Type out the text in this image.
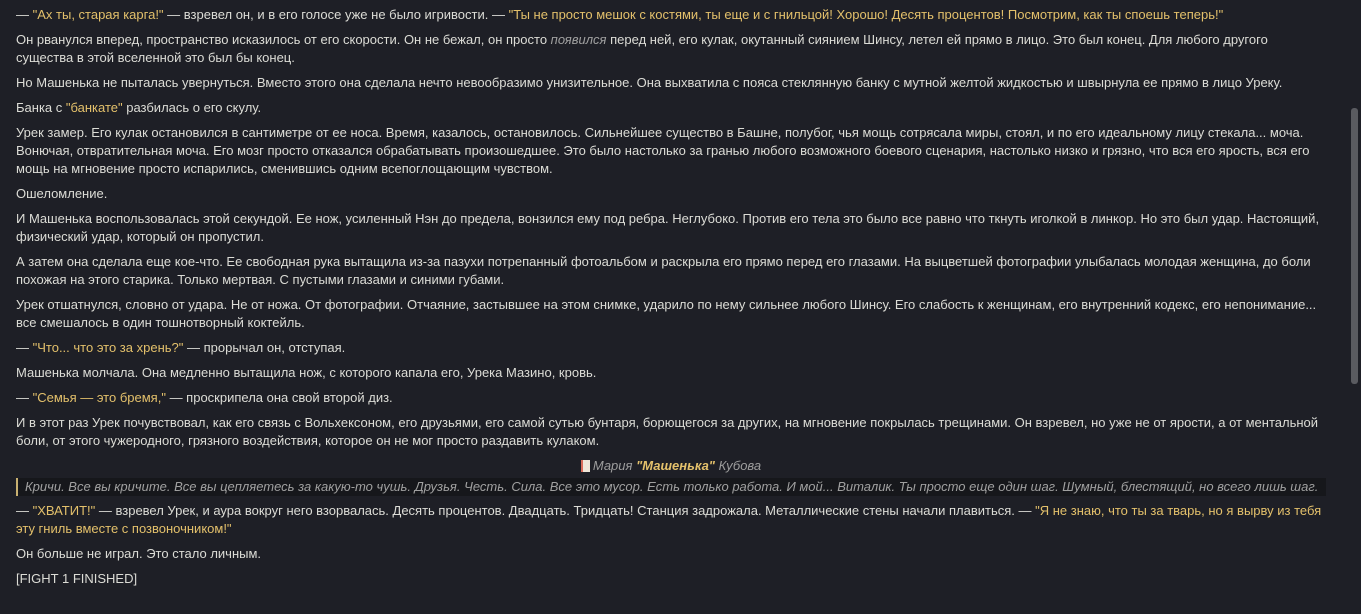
— "Ах ты, старая карга!" — взревел он, и в его голосе уже не было игривости. — "Ты не просто мешок с костями, ты еще и с гнильцой! Хорошо! Десять процентов! Посмотрим, как ты споешь теперь!"
Он рванулся вперед, пространство исказилось от его скорости. Он не бежал, он просто появился перед ней, его кулак, окутанный сиянием Шинсу, летел ей прямо в лицо. Это был конец. Для любого другого существа в этой вселенной это был бы конец.
Но Машенька не пыталась увернуться. Вместо этого она сделала нечто невообразимо унизительное. Она выхватила с пояса стеклянную банку с мутной желтой жидкостью и швырнула ее прямо в лицо Уреку.
Банка с "банкате" разбилась о его скулу.
Урек замер. Его кулак остановился в сантиметре от ее носа. Время, казалось, остановилось. Сильнейшее существо в Башне, полубог, чья мощь сотрясала миры, стоял, и по его идеальному лицу стекала... моча. Вонючая, отвратительная моча. Его мозг просто отказался обрабатывать произошедшее. Это было настолько за гранью любого возможного боевого сценария, настолько низко и грязно, что вся его ярость, вся его мощь на мгновение просто испарились, сменившись одним всепоглощающим чувством.
Ошеломление.
И Машенька воспользовалась этой секундой. Ее нож, усиленный Нэн до предела, вонзился ему под ребра. Неглубоко. Против его тела это было все равно что ткнуть иголкой в линкор. Но это был удар. Настоящий, физический удар, который он пропустил.
А затем она сделала еще кое-что. Ее свободная рука вытащила из-за пазухи потрепанный фотоальбом и раскрыла его прямо перед его глазами. На выцветшей фотографии улыбалась молодая женщина, до боли похожая на этого старика. Только мертвая. С пустыми глазами и синими губами.
Урек отшатнулся, словно от удара. Не от ножа. От фотографии. Отчаяние, застывшее на этом снимке, ударило по нему сильнее любого Шинсу. Его слабость к женщинам, его внутренний кодекс, его непонимание... все смешалось в один тошнотворный коктейль.
— "Что... что это за хрень?" — прорычал он, отступая.
Машенька молчала. Она медленно вытащила нож, с которого капала его, Урека Мазино, кровь.
— "Семья — это бремя," — проскрипела она свой второй диз.
И в этот раз Урек почувствовал, как его связь с Вольхексоном, его друзьями, его самой сутью бунтаря, борющегося за других, на мгновение покрылась трещинами. Он взревел, но уже не от ярости, а от ментальной боли, от этого чужеродного, грязного воздействия, которое он не мог просто раздавить кулаком.
Мария "Машенька" Кубова
Кричи. Все вы кричите. Все вы цепляетесь за какую-то чушь. Друзья. Честь. Сила. Все это мусор. Есть только работа. И мой... Виталик. Ты просто еще один шаг. Шумный, блестящий, но всего лишь шаг.
— "ХВАТИТ!" — взревел Урек, и аура вокруг него взорвалась. Десять процентов. Двадцать. Тридцать! Станция задрожала. Металлические стены начали плавиться. — "Я не знаю, что ты за тварь, но я вырву из тебя эту гниль вместе с позвоночником!"
Он больше не играл. Это стало личным.
[FIGHT 1 FINISHED]
